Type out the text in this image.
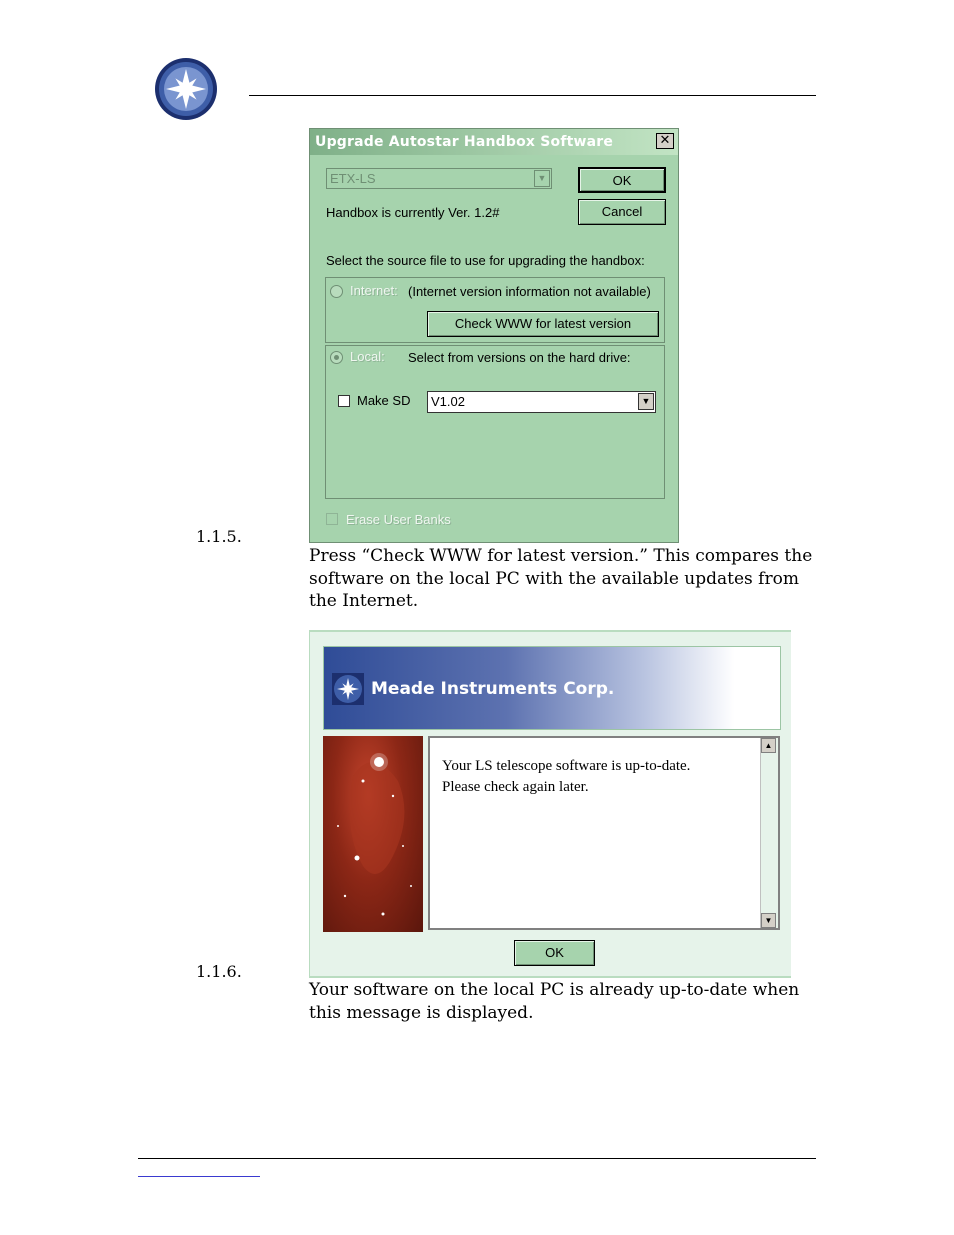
Upgrade Autostar Handbox Software	✕
ETX-LS	▼	OK
Cancel
Handbox is currently Ver. 1.2#
Select the source file to use for upgrading the handbox:
Internet: (Internet version information not available)
Check WWW for latest version
Local: Select from versions on the hard drive:
Make SD	V1.02	▼
Erase User Banks
1.1.5.
Press “Check WWW for latest version.” This compares the software on the local PC with the available updates from the Internet.
Meade Instruments Corp.
Your LS telescope software is up-to-date.
Please check again later.
▲
▼
OK
1.1.6.
Your software on the local PC is already up-to-date when this message is displayed.
